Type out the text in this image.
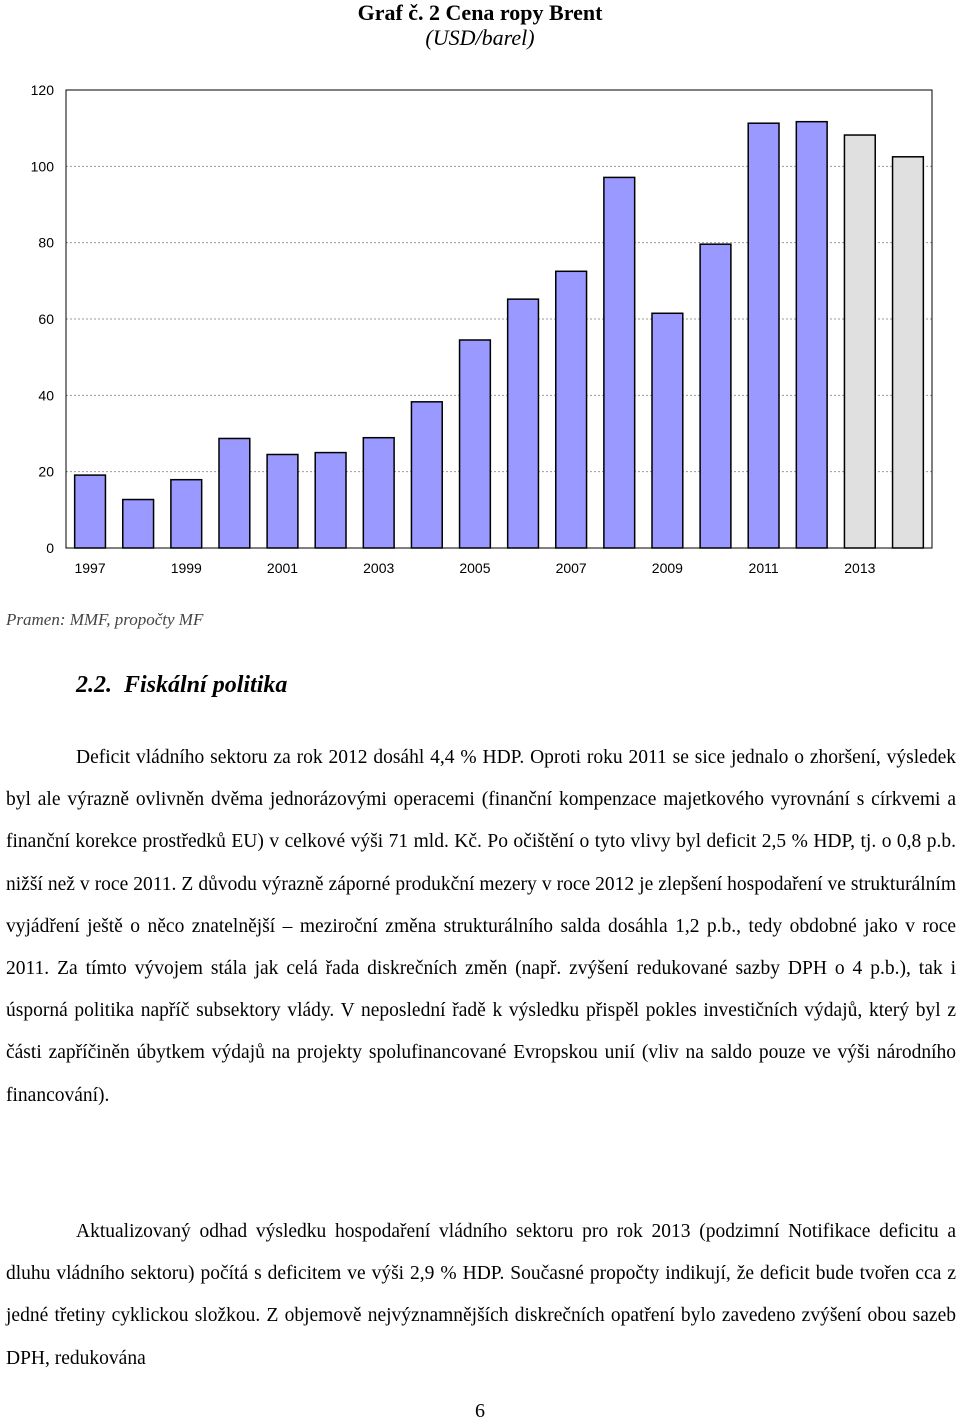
Graf č. 2 Cena ropy Brent
(USD/barel)
0
20
40
60
80
100
120
1997	1999	2001	2003	2005	2007	2009	2011	2013
Pramen: MMF, propočty MF
2.2. Fiskální politika
Deficit vládního sektoru za rok 2012 dosáhl 4,4 % HDP. Oproti roku 2011 se sice jednalo o zhoršení, výsledek byl ale výrazně ovlivněn dvěma jednorázovými operacemi (finanční kompenzace majetkového vyrovnání s církvemi a finanční korekce prostředků EU) v celkové výši 71 mld. Kč. Po očištění o tyto vlivy byl deficit 2,5 % HDP, tj. o 0,8 p.b. nižší než v roce 2011. Z důvodu výrazně záporné produkční mezery v roce 2012 je zlepšení hospodaření ve strukturálním vyjádření ještě o něco znatelnější – meziroční změna strukturálního salda dosáhla 1,2 p.b., tedy obdobné jako v roce 2011. Za tímto vývojem stála jak celá řada diskrečních změn (např. zvýšení redukované sazby DPH o 4 p.b.), tak i úsporná politika napříč subsektory vlády. V neposlední řadě k výsledku přispěl pokles investičních výdajů, který byl z části zapříčiněn úbytkem výdajů na projekty spolufinancované Evropskou unií (vliv na saldo pouze ve výši národního financování).
Aktualizovaný odhad výsledku hospodaření vládního sektoru pro rok 2013 (podzimní Notifikace deficitu a dluhu vládního sektoru) počítá s deficitem ve výši 2,9 % HDP. Současné propočty indikují, že deficit bude tvořen cca z jedné třetiny cyklickou složkou. Z objemově nejvýznamnějších diskrečních opatření bylo zavedeno zvýšení obou sazeb DPH, redukována
6
